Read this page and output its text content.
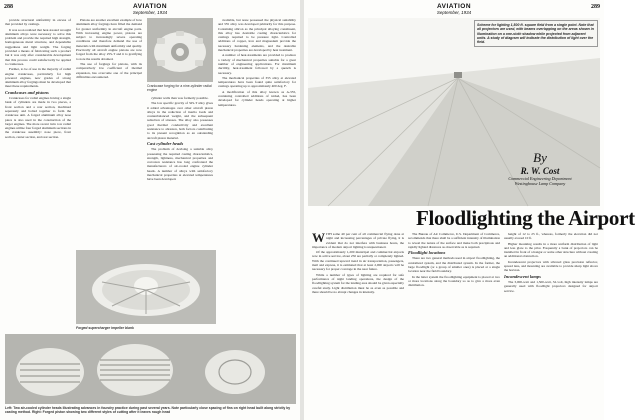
288	AVIATION
September, 1934

provide structural uniformity in excess of that provided by castings.

It was soon realized that heat-treated wrought aluminum alloys were necessary to solve this problem and provide the required high strength, homogeneous metal structure, and dependable ruggedness and light weight. The forging provided a means of fabricating such a product but it was only after considerable development that this process could satisfactorily be applied to crankcases.

Further, to be of use in the majority of radial engine crankcases, particularly for high powered engines, new grades of strong aluminum alloy forgings must be developed that meet these requirements.

Crankcases and pistons

Crankcases for radial engines having a single bank of cylinders are made in two pieces, a front section and a rear section, machined separately and bolted together to form the crankcase unit. A forged aluminum alloy nose piece is also used in the construction of the larger engines. The more recent twin row radial engines utilize four forged aluminum sections in the crankcase assembly: nose piece, front section, center section, and rear section.

Pistons are another excellent example of how aluminum alloy forgings have filled the demand for greater uniformity in aircraft engine parts. With increasing engine power, pistons are subject to increasingly severe operating conditions and therefore demand the use of materials with maximum uniformity and quality. Practically all aircraft engine pistons are now forged from the alloy 25S-T and it is gratifying to note the results obtained.

The use of forgings for pistons, with its comparatively low coefficient of thermal expansion, has overcome one of the principal difficulties encountered.

Crankcase forging for a nine-cylinder radial engine

cylinder walls than was formerly possible.

The low specific gravity of 32S-T alloy gives it added advantages over other aircraft piston alloys in the reduction of inertia loads and counterbalanced weight, and the subsequent reduction of stresses. The alloy also possesses good thermal conductivity and excellent resistance to abrasion, both factors contributing to its present recognition as an outstanding aircraft piston material.

Cast cylinder heads

The problem of devising a suitable alloy possessing the required casting characteristics, strength, lightness, mechanical properties and corrosion resistance has long confronted the manufacturers of air-cooled engine cylinder heads. A number of alloys with satisfactory mechanical properties at elevated temperatures have been developed.

available, but none possessed the physical suitability and 355 alloy was developed primarily for this purpose. Containing silicon as the principal alloying constituent, this alloy has desirable casting characteristics for castings required to be pressure tight. Controlled additions of copper, iron and magnesium provide the necessary hardening elements, and the desirable mechanical properties are developed by heat treatment.

A number of heat-treatments are provided to produce a variety of mechanical properties suitable for a great number of engineering applications. For maximum ductility, heat-treatment followed by a quench is necessary.

The mechanical properties of 355 alloy at elevated temperatures have been found quite satisfactory for castings operating up to approximately 400 deg. F.

A modification of this alloy known as A-355, containing controlled additions of nickel, has been developed for cylinder heads operating at higher temperatures.

Forged supercharger impeller blank
Left: Two air-cooled cylinder heads illustrating advances in foundry practice during past several years. Note particularly close spacing of fins on right head built along strictly by casting method. Right: Forged piston showing two different styles of cutting after it leaves rough head
AVIATION
September, 1934
289
Scheme for lighting 1,500 ft. square field from a single point. Note that all projectors are used, with beams overlapping on the areas shown in illumination on a one-sixth shadow while projected from adjacent units. A study of diagram will indicate the distribution of light over the field.
By
R. W. Cost
Commercial Engineering Department
Westinghouse Lamp Company
Floodlighting the Airport

WITH some 40 per cent of all commercial flying done at night and increasing percentages of private flying, it is evident that do not interfere with business hours, the importance of modern airport lighting is unquestioned.

Of the approximately 1,200 municipal and commercial airports now in active service, about 250 are partially or completely lighted. With the continued upward trend in air transportation, passengers, mail and express, it is estimated that at least 2,000 airports will be necessary for proper coverage in the near future.

While a number of types of lighting are required for safe performance of night landing operations, the design of the floodlighting system for the landing area should be given especially careful study. Light distribution must be as even as possible and there should be no abrupt changes in intensity.

The Bureau of Air Commerce, U.S. Department of Commerce, recommends that there shall be a sufficient intensity of illumination to reveal the nature of the surface and make both precipitous and rapidly lighted distances as observable as is required.

Floodlight locations

There are two general methods used in airport floodlighting, the centralized system, and the distributed system. In the former, the large floodlight (or a group of smaller ones) is placed at a single location near the field boundary.

In the latter system the floodlighting equipment is placed at two or more locations along the boundary so as to give a more even distribution.

height of 12 to 25 ft., whereas, formerly the elevation did not usually exceed 10 ft.

Higher mounting results in a more uniform distribution of light and less glare to the pilot. Frequently a bank of projectors can be installed in front of a hangar or some other structure without creating an additional obstruction.

Incandescent projectors with silvered glass precision reflector, spread lens, and mounting are available to provide sharp light above the horizon.

Incandescent lamps

The 3,000-watt and 1,500-watt, 32-volt, high intensity lamps are generally used with floodlight projectors designed for airport service.
